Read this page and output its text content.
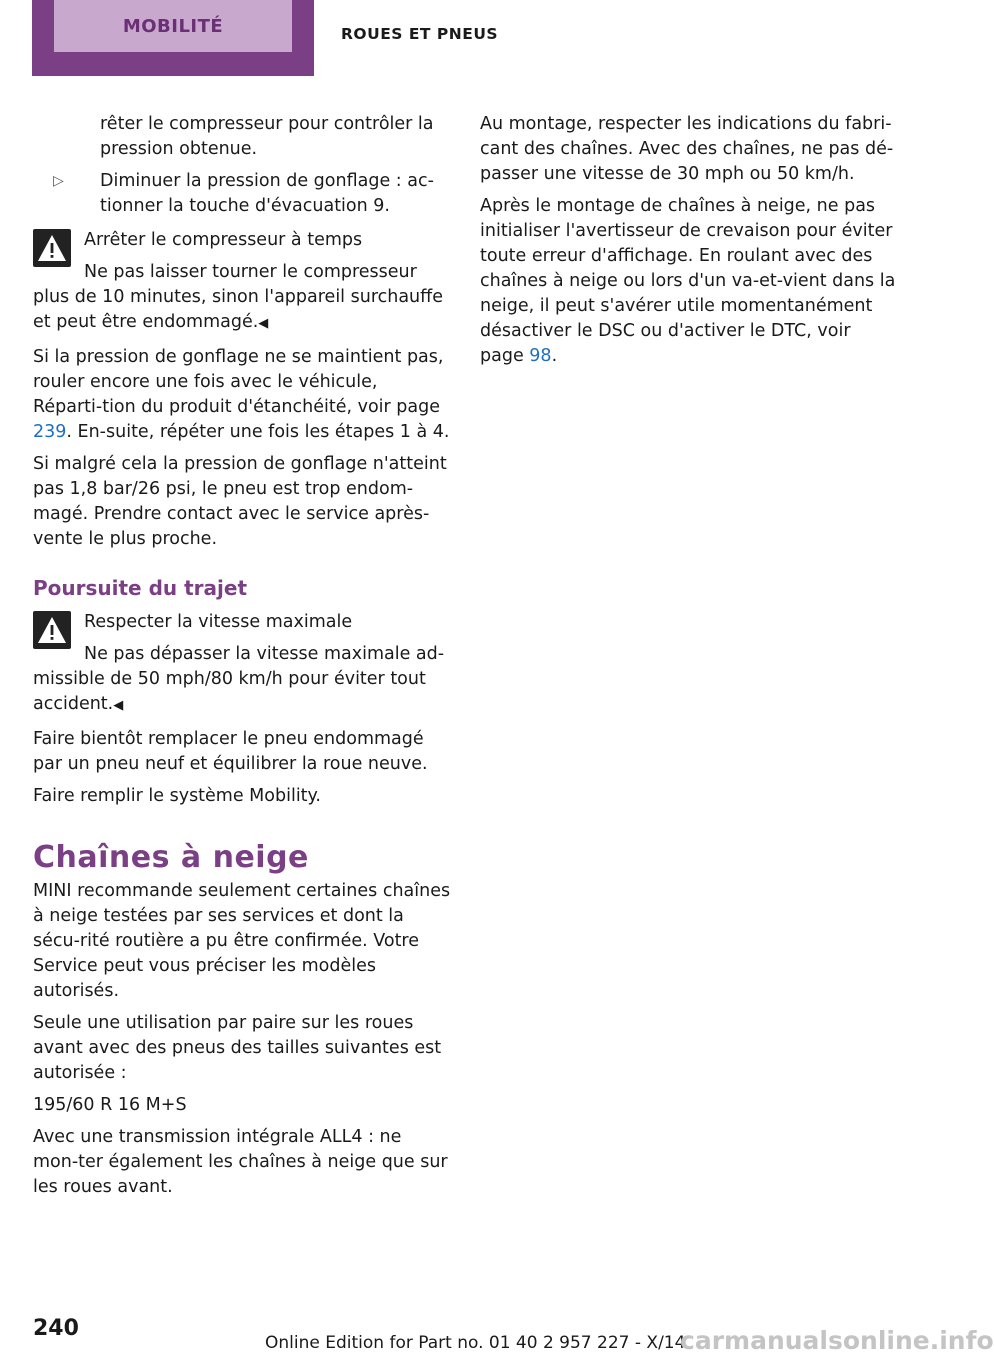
MOBILITÉ	ROUES ET PNEUS

rêter le compresseur pour contrôler la pression obtenue.

▷ Diminuer la pression de gonflage : ac‐tionner la touche d'évacuation 9.

Arrêter le compresseur à temps

Ne pas laisser tourner le compresseur plus de 10 minutes, sinon l'appareil surchauffe et peut être endommagé.◀

Si la pression de gonflage ne se maintient pas, rouler encore une fois avec le véhicule, Réparti‐tion du produit d'étanchéité, voir page 239. En‐suite, répéter une fois les étapes 1 à 4.

Si malgré cela la pression de gonflage n'atteint pas 1,8 bar/26 psi, le pneu est trop endom‐magé. Prendre contact avec le service après-vente le plus proche.

Poursuite du trajet

Respecter la vitesse maximale

Ne pas dépasser la vitesse maximale ad‐missible de 50 mph/80 km/h pour éviter tout accident.◀

Faire bientôt remplacer le pneu endommagé par un pneu neuf et équilibrer la roue neuve.

Faire remplir le système Mobility.

Chaînes à neige

MINI recommande seulement certaines chaînes à neige testées par ses services et dont la sécu‐rité routière a pu être confirmée. Votre Service peut vous préciser les modèles autorisés.

Seule une utilisation par paire sur les roues avant avec des pneus des tailles suivantes est autorisée :

195/60 R 16 M+S

Avec une transmission intégrale ALL4 : ne mon‐ter également les chaînes à neige que sur les roues avant.

Au montage, respecter les indications du fabri‐cant des chaînes. Avec des chaînes, ne pas dé‐passer une vitesse de 30 mph ou 50 km/h.

Après le montage de chaînes à neige, ne pas initialiser l'avertisseur de crevaison pour éviter toute erreur d'affichage. En roulant avec des chaînes à neige ou lors d'un va-et-vient dans la neige, il peut s'avérer utile momentanément désactiver le DSC ou d'activer le DTC, voir page 98.

240
Online Edition for Part no. 01 40 2 957 227 - X/14
carmanualsonline.info
